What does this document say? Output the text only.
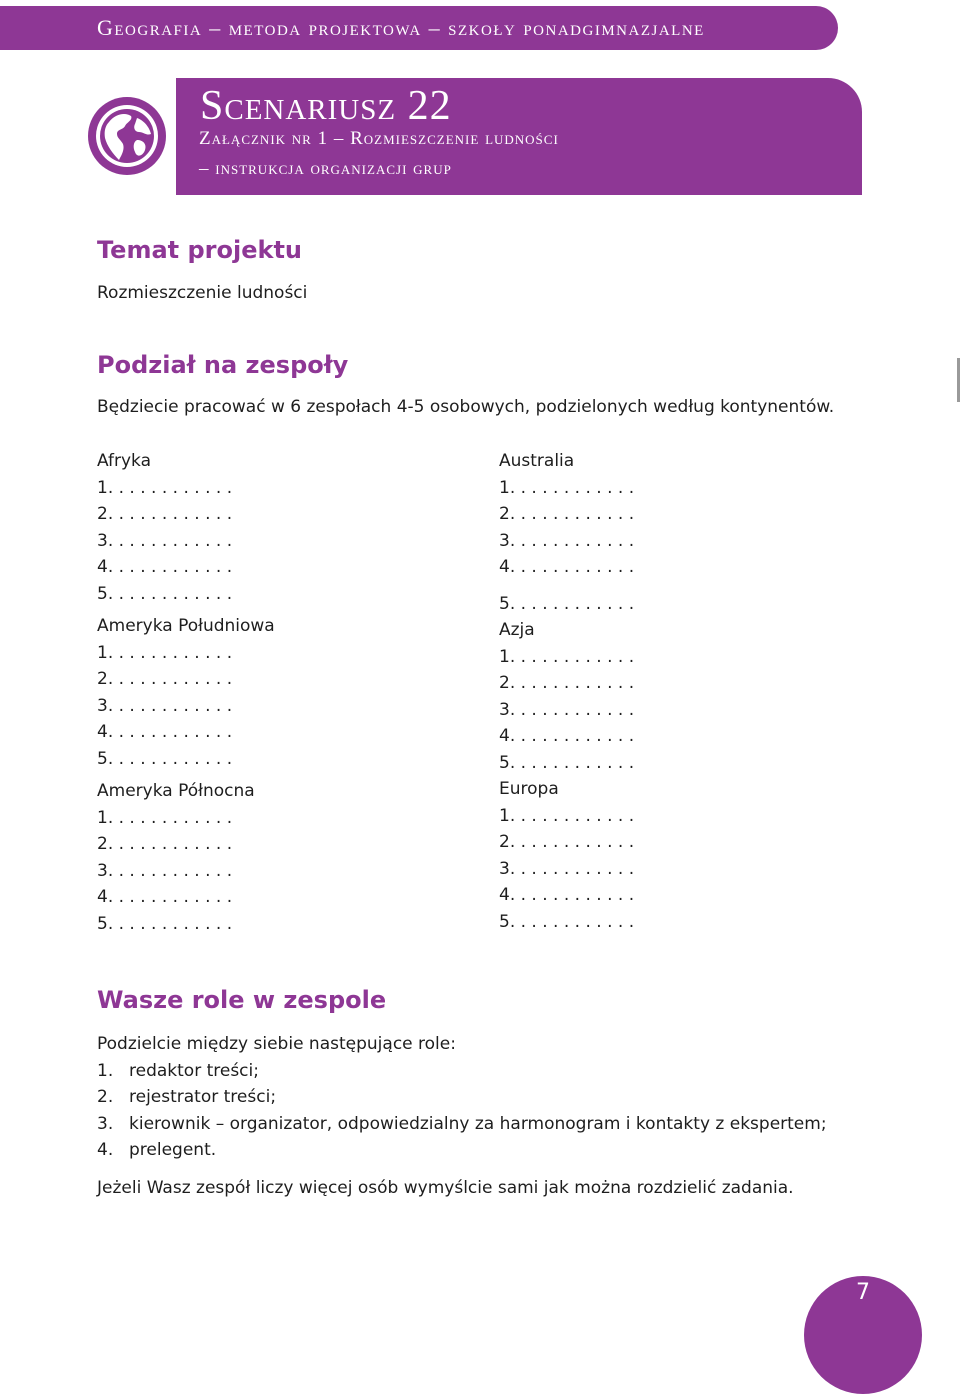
Geografia – metoda projektowa – szkoły ponadgimnazjalne
Scenariusz 22
Załącznik nr 1 – Rozmieszczenie ludności
– instrukcja organizacji grup
Temat projektu
Rozmieszczenie ludności
Podział na zespoły
Będziecie pracować w 6 zespołach 4-5 osobowych, podzielonych według kontynentów.
Afryka
1. . . . . . . . . . . .
2. . . . . . . . . . . .
3. . . . . . . . . . . .
4. . . . . . . . . . . .
5. . . . . . . . . . . .
Ameryka Południowa
1. . . . . . . . . . . .
2. . . . . . . . . . . .
3. . . . . . . . . . . .
4. . . . . . . . . . . .
5. . . . . . . . . . . .
Ameryka Północna
1. . . . . . . . . . . .
2. . . . . . . . . . . .
3. . . . . . . . . . . .
4. . . . . . . . . . . .
5. . . . . . . . . . . .
Australia
1. . . . . . . . . . . .
2. . . . . . . . . . . .
3. . . . . . . . . . . .
4. . . . . . . . . . . .
5. . . . . . . . . . . .
Azja
1. . . . . . . . . . . .
2. . . . . . . . . . . .
3. . . . . . . . . . . .
4. . . . . . . . . . . .
5. . . . . . . . . . . .
Europa
1. . . . . . . . . . . .
2. . . . . . . . . . . .
3. . . . . . . . . . . .
4. . . . . . . . . . . .
5. . . . . . . . . . . .
Wasze role w zespole
Podzielcie między siebie następujące role:
1. redaktor treści;
2. rejestrator treści;
3. kierownik – organizator, odpowiedzialny za harmonogram i kontakty z ekspertem;
4. prelegent.
Jeżeli Wasz zespół liczy więcej osób wymyślcie sami jak można rozdzielić zadania.
7
